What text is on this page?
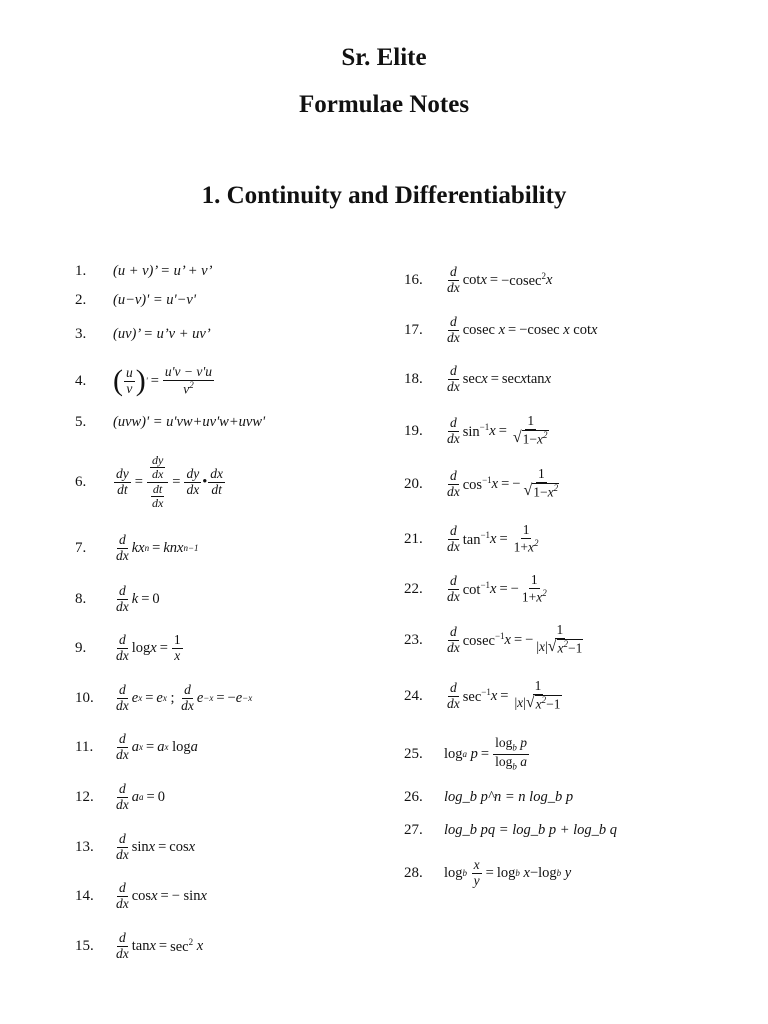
Sr. Elite
Formulae Notes
1. Continuity and Differentiability
1.	(u + v)’ = u’ + v’
2.	(u−v)' = u'−v'
3.	(uv)’ = u’v + uv’
4. ( $\frac{u}{v}$ ) ' = $\frac{u'v - v'u}{v^2}$
5.	(uvw)' = u'vw+uv'w+uvw'
6.	$\frac{dy}{dt} = \frac{\frac{dy}{dx}}{\frac{dt}{dx}} = \frac{dy}{dx}$ • $\frac{dx}{dt}$
7.	$\frac{d}{dx}$ kx n = knx n−1
8.	$\frac{d}{dx}$ k = 0
9.	$\frac{d}{dx}$ $\log x = \frac{1}{x}$
10.	$\frac{d}{dx}$ e x = e x ; $\frac{d}{dx}$ e −x = − e −x
11.	$\frac{d}{dx}$ a x = a x
log a
12.	$\frac{d}{dx}$ a a = 0
13.	$\frac{d}{dx}$ sin x = cos x
14.	$\frac{d}{dx}$ cos x = − sin x
15.	$\frac{d}{dx}$ $\tan x = \sec^2 x$
16.	$\frac{d}{dx}$ cot x = −cosec$^2$ x
17.	$\frac{d}{dx}$ cosec x = −cosec x cot x
18.	$\frac{d}{dx}$ sec x = sec x tan x
19.	$\frac{d}{dx} \sin^{-1} x = \frac{1}{√ 1-x^2}$
20.	$\frac{d}{dx} \cos^{-1} x$ = − $\frac{1}{√ 1-x^2}$
21.	$\frac{d}{dx} \tan^{-1} x = \frac{1}{1+x^2}$
22.	$\frac{d}{dx} \cot^{-1} x$ = − $\frac{1}{1+x^2}$
23.	$\frac{d}{dx} cosec^{-1}$ x = − $\frac{1}{|x| √ x^2-1}$
24.	$\frac{d}{dx} \sec^{-1} x = \frac{1}{|x| √ x^2-1}$
25.	log a $p = \frac{\log_b p}{\log_b a}$
26.	log_b p^n = n log_b p
27.	log_b pq = log_b p + log_b q
28.	log b
$\frac{x}{y} = \log b$ x −log b y
